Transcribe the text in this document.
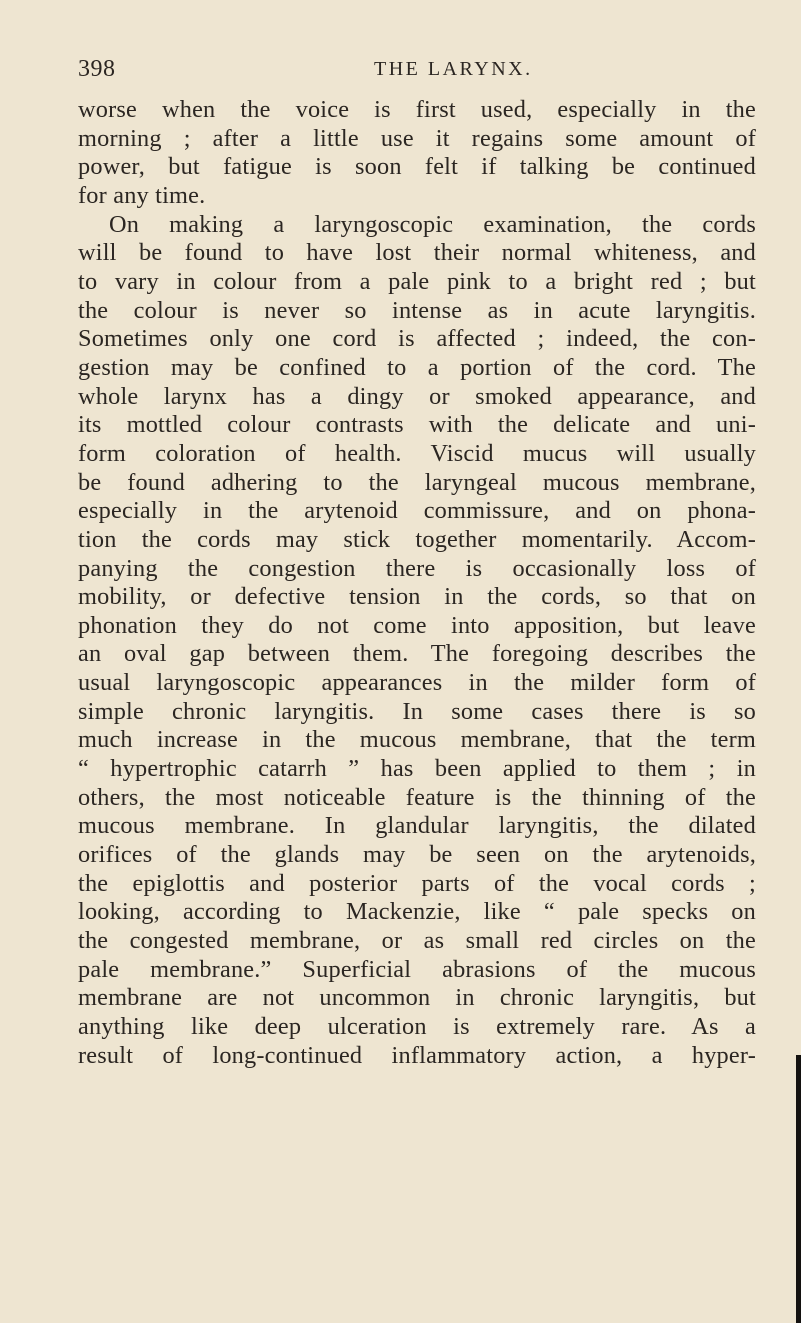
398	THE LARYNX.
worse when the voice is first used, especially in the
morning ; after a little use it regains some amount of
power, but fatigue is soon felt if talking be continued
for any time.
On making a laryngoscopic examination, the cords
will be found to have lost their normal whiteness, and
to vary in colour from a pale pink to a bright red ; but
the colour is never so intense as in acute laryngitis.
Sometimes only one cord is affected ; indeed, the con-
gestion may be confined to a portion of the cord. The
whole larynx has a dingy or smoked appearance, and
its mottled colour contrasts with the delicate and uni-
form coloration of health. Viscid mucus will usually
be found adhering to the laryngeal mucous membrane,
especially in the arytenoid commissure, and on phona-
tion the cords may stick together momentarily. Accom-
panying the congestion there is occasionally loss of
mobility, or defective tension in the cords, so that on
phonation they do not come into apposition, but leave
an oval gap between them. The foregoing describes the
usual laryngoscopic appearances in the milder form of
simple chronic laryngitis. In some cases there is so
much increase in the mucous membrane, that the term
“ hypertrophic catarrh ” has been applied to them ; in
others, the most noticeable feature is the thinning of the
mucous membrane. In glandular laryngitis, the dilated
orifices of the glands may be seen on the arytenoids,
the epiglottis and posterior parts of the vocal cords ;
looking, according to Mackenzie, like “ pale specks on
the congested membrane, or as small red circles on the
pale membrane.” Superficial abrasions of the mucous
membrane are not uncommon in chronic laryngitis, but
anything like deep ulceration is extremely rare. As a
result of long-continued inflammatory action, a hyper-
